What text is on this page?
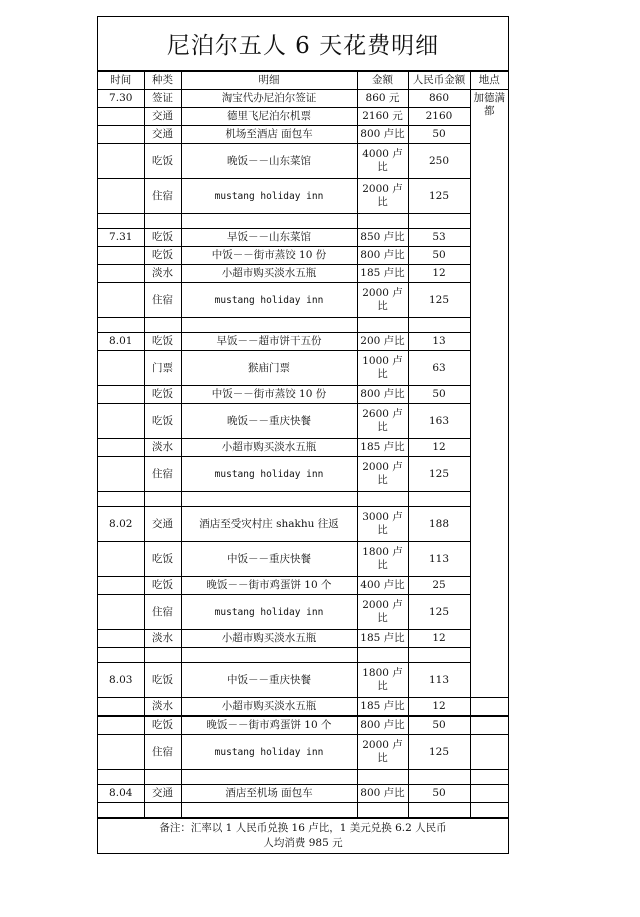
尼泊尔五人 6 天花费明细
时间	种类	明细	金额	人民币金额	地点
7.30	签证	淘宝代办尼泊尔签证	860 元	860	加德满都
	交通	德里飞尼泊尔机票	2160 元	2160	
	交通	机场至酒店 面包车	800 卢比	50	
	吃饭	晚饭－－山东菜馆	4000 卢比	250	
	住宿	mustang holiday inn	2000 卢比	125	

7.31	吃饭	早饭－－山东菜馆	850 卢比	53	
	吃饭	中饭－－街市蒸饺 10 份	800 卢比	50	
	淡水	小超市购买淡水五瓶	185 卢比	12	
	住宿	mustang holiday inn	2000 卢比	125	

8.01	吃饭	早饭－－超市饼干五份	200 卢比	13	
	门票	猴庙门票	1000 卢比	63	
	吃饭	中饭－－街市蒸饺 10 份	800 卢比	50	
	吃饭	晚饭－－重庆快餐	2600 卢比	163	
	淡水	小超市购买淡水五瓶	185 卢比	12	
	住宿	mustang holiday inn	2000 卢比	125	

8.02	交通	酒店至受灾村庄 shakhu 往返	3000 卢比	188	
	吃饭	中饭－－重庆快餐	1800 卢比	113	
	吃饭	晚饭－－街市鸡蛋饼 10 个	400 卢比	25	
	住宿	mustang holiday inn	2000 卢比	125	
	淡水	小超市购买淡水五瓶	185 卢比	12	

8.03	吃饭	中饭－－重庆快餐	1800 卢比	113	
	淡水	小超市购买淡水五瓶	185 卢比	12	
	吃饭	晚饭－－街市鸡蛋饼 10 个	800 卢比	50	
	住宿	mustang holiday inn	2000 卢比	125	

8.04	交通	酒店至机场 面包车	800 卢比	50	

备注：汇率以 1 人民币兑换 16 卢比，1 美元兑换 6.2 人民币
人均消费 985 元
